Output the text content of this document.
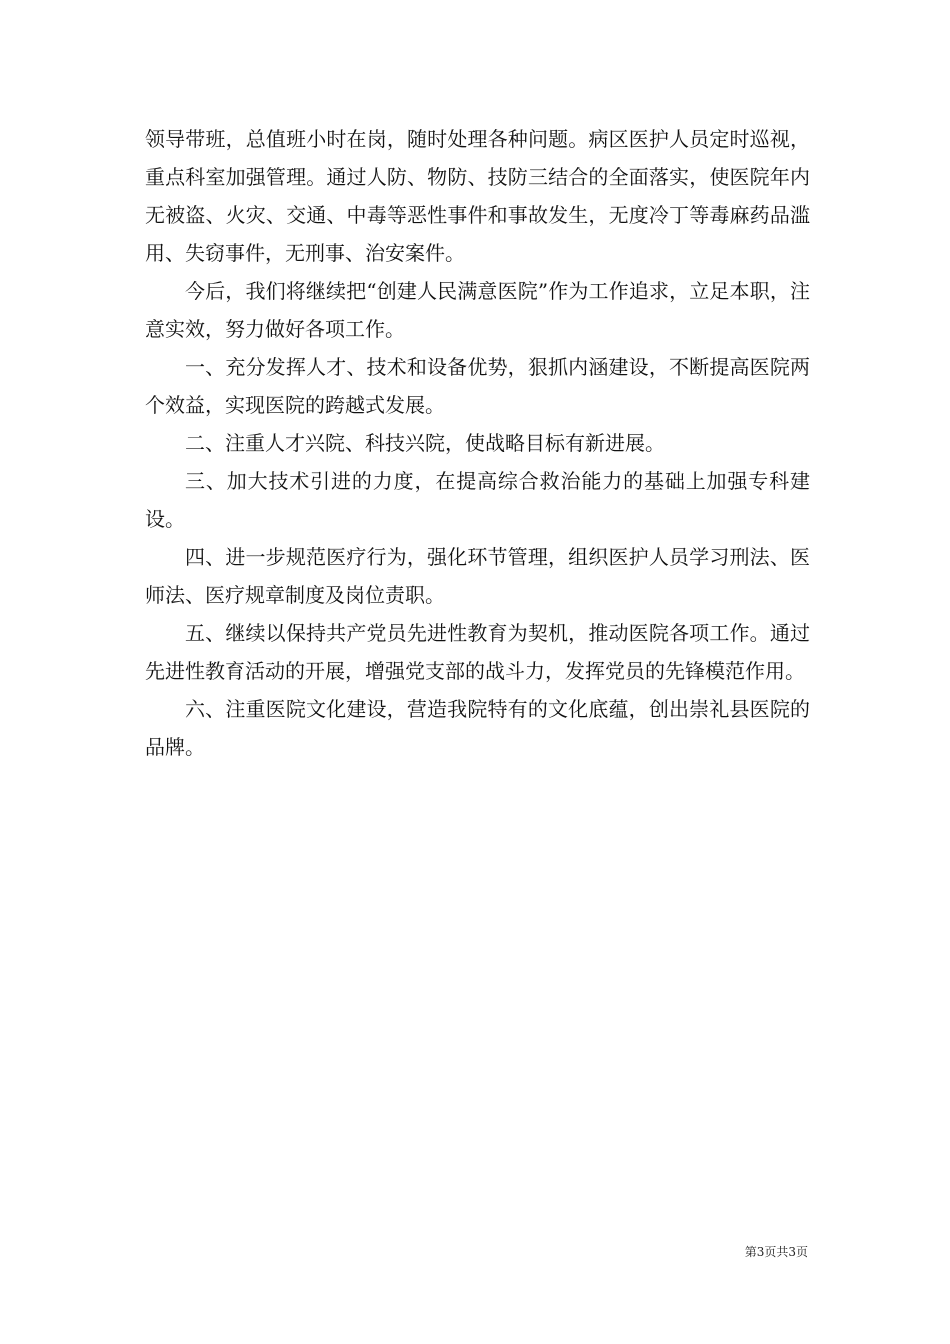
领导带班，总值班小时在岗，随时处理各种问题。病区医护人员定时巡视，重点科室加强管理。通过人防、物防、技防三结合的全面落实，使医院年内无被盗、火灾、交通、中毒等恶性事件和事故发生，无度冷丁等毒麻药品滥用、失窃事件，无刑事、治安案件。

今后，我们将继续把“创建人民满意医院”作为工作追求，立足本职，注意实效，努力做好各项工作。

一、充分发挥人才、技术和设备优势，狠抓内涵建设，不断提高医院两个效益，实现医院的跨越式发展。

二、注重人才兴院、科技兴院，使战略目标有新进展。

三、加大技术引进的力度，在提高综合救治能力的基础上加强专科建设。

四、进一步规范医疗行为，强化环节管理，组织医护人员学习刑法、医师法、医疗规章制度及岗位责职。

五、继续以保持共产党员先进性教育为契机，推动医院各项工作。通过先进性教育活动的开展，增强党支部的战斗力，发挥党员的先锋模范作用。

六、注重医院文化建设，营造我院特有的文化底蕴，创出崇礼县医院的品牌。

第3页共3页
